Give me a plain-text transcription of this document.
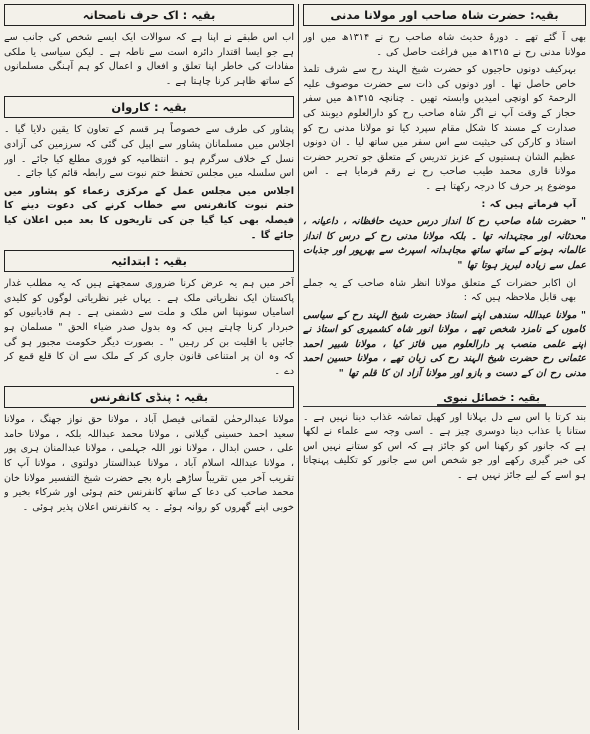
بقیہ: حضرت شاہ صاحب اور مولانا مدنی

بھی آ گئے تھے ۔ دورۂ حدیث شاہ صاحب رح نے ۱۳۱۴ھ میں اور مولانا مدنی رح نے ۱۳۱۵ھ میں فراغت حاصل کی ۔

بہرکیف دونوں حاجیوں کو حضرت شیخ الہند رح سے شرف تلمذ خاص حاصل تھا ۔ اور دونوں کی ذات سے حضرت موصوف علیہ الرحمۃ کو اونچی امیدیں وابستہ تھیں ۔ چنانچہ ۱۳۱۵ھ میں سفر حجاز کے وقت آپ نے اگر شاہ صاحب رح کو دارالعلوم دیوبند کی صدارت کے مسند کا شکل مقام سپرد کیا تو مولانا مدنی رح کو استاذ و کارکن کی حیثیت سے اس سفر میں ساتھ لیا ۔ ان دونوں عظیم الشان ہستیوں کے عزیز تدریس کے متعلق جو تحریر حضرت مولانا قاری محمد طیب صاحب رح نے رقم فرمایا ہے ۔ اس موضوع پر حرف کا درجہ رکھتا ہے ۔

آپ فرماتے ہیں کہ :

" حضرت شاہ صاحب رح کا انداز درس حدیث حافظانہ ، داعیانہ ، محدثانہ اور مجتہدانہ تھا ۔ بلکہ مولانا مدنی رح کے درس کا انداز عالمانہ ہونے کے ساتھ ساتھ مجاہدانہ اسپرٹ سے بھرپور اور جذبات عمل سے زیادہ لبریز ہوتا تھا "

ان اکابر حضرات کے متعلق مولانا انظر شاہ صاحب کے یہ جملے بھی قابل ملاحظہ ہیں کہ :

" مولانا عبداللہ سندھی اپنے استاذ حضرت شیخ الہند رح کے سیاسی کاموں کے نامزد شخص تھے ، مولانا انور شاہ کشمیری کو استاذ نے اپنے علمی منصب پر دارالعلوم میں فائز کیا ، مولانا شبیر احمد عثمانی رح حضرت شیخ الہند رح کی زبان تھے ، مولانا حسین احمد مدنی رح ان کے دست و بازو اور مولانا آزاد ان کا قلم تھا "

بقیہ : خصائل نبوی

بند کرتا یا اس سے دل بہلانا اور کھیل تماشہ غذاب دینا نہیں ہے ۔ ستانا یا عذاب دینا دوسری چیز ہے ۔ اسی وجہ سے علماء نے لکھا ہے کہ جانور کو رکھنا اس کو جائز ہے کہ اس کو ستانے نہیں اس کی خبر گیری رکھے اور جو شخص اس سے جانور کو تکلیف پہنچاتا ہو اسے کے لیے جائز نہیں ہے ۔

بقیہ : اک حرف ناصحانہ

اب اس طبقے نے اپنا ہے کہ سوالات ایک ایسے شخص کی جانب سے ہے جو ایسا اقتدار دائرہ است سے ناطہ ہے ۔ لیکن سیاسی یا ملکی مفادات کی خاطر اپنا تعلق و افعال و اعمال کو ہم آہنگی مسلمانوں کے ساتھ ظاہر کرنا چاہتا ہے ۔

بقیہ : کاروان

پشاور کی طرف سے خصوصاً ہر قسم کے تعاون کا یقین دلایا گیا ۔ اجلاس میں مسلمانان پشاور سے اپیل کی گئی کہ سرزمین کی آزادی نسل کے خلاف سرگرم ہو ۔ انتظامیہ کو فوری مطلع کیا جائے ۔ اور اس سلسلہ میں مجلس تحفظ ختم نبوت سے رابطہ قائم کیا جائے ۔

اجلاس میں مجلس عمل کے مرکزی زعماء کو پشاور میں ختم نبوت کانفرنس سے خطاب کرنے کی دعوت دینے کا فیصلہ بھی کیا گیا جن کی تاریخوں کا بعد میں اعلان کیا جائے گا ۔

بقیہ : ابتدائیہ

آخر میں ہم یہ عرض کرنا ضروری سمجھتے ہیں کہ یہ مطلب غدار پاکستان ایک نظریاتی ملک ہے ۔ یہاں غیر نظریاتی لوگوں کو کلیدی اسامیاں سونپنا اس ملک و ملت سے دشمنی ہے ۔ ہم قادیانیوں کو خبردار کرنا چاہتے ہیں کہ وہ بدول صدر ضیاء الحق " مسلمان ہو جائیں یا اقلیت بن کر رہیں " ۔ بصورت دیگر حکومت مجبور ہو گی کہ وہ ان پر امتناعی قانون جاری کر کے ملک سے ان کا قلع قمع کر دے ۔

بقیہ : پنڈی کانفرنس

مولانا عبدالرحمٰن لقمانی فیصل آباد ، مولانا حق نواز جھنگ ، مولانا سعید احمد حسینی گیلانی ، مولانا محمد عبداللہ بلکہ ، مولانا حامد علی ، حسن ابدال ، مولانا نور اللہ جہلمی ، مولانا عبدالمنان ہری پور ، مولانا عبداللہ اسلام آباد ، مولانا عبدالستار دولتوی ، مولانا آپ کا تقریب آخر میں تقریباً ساڑھے بارہ بجے حضرت شیخ التفسیر مولانا خان محمد صاحب کی دعا کے ساتھ کانفرنس ختم ہوئی اور شرکاء بخیر و خوبی اپنے گھروں کو روانہ ہوئے ۔ یہ کانفرنس اعلان پذیر ہوئی ۔
